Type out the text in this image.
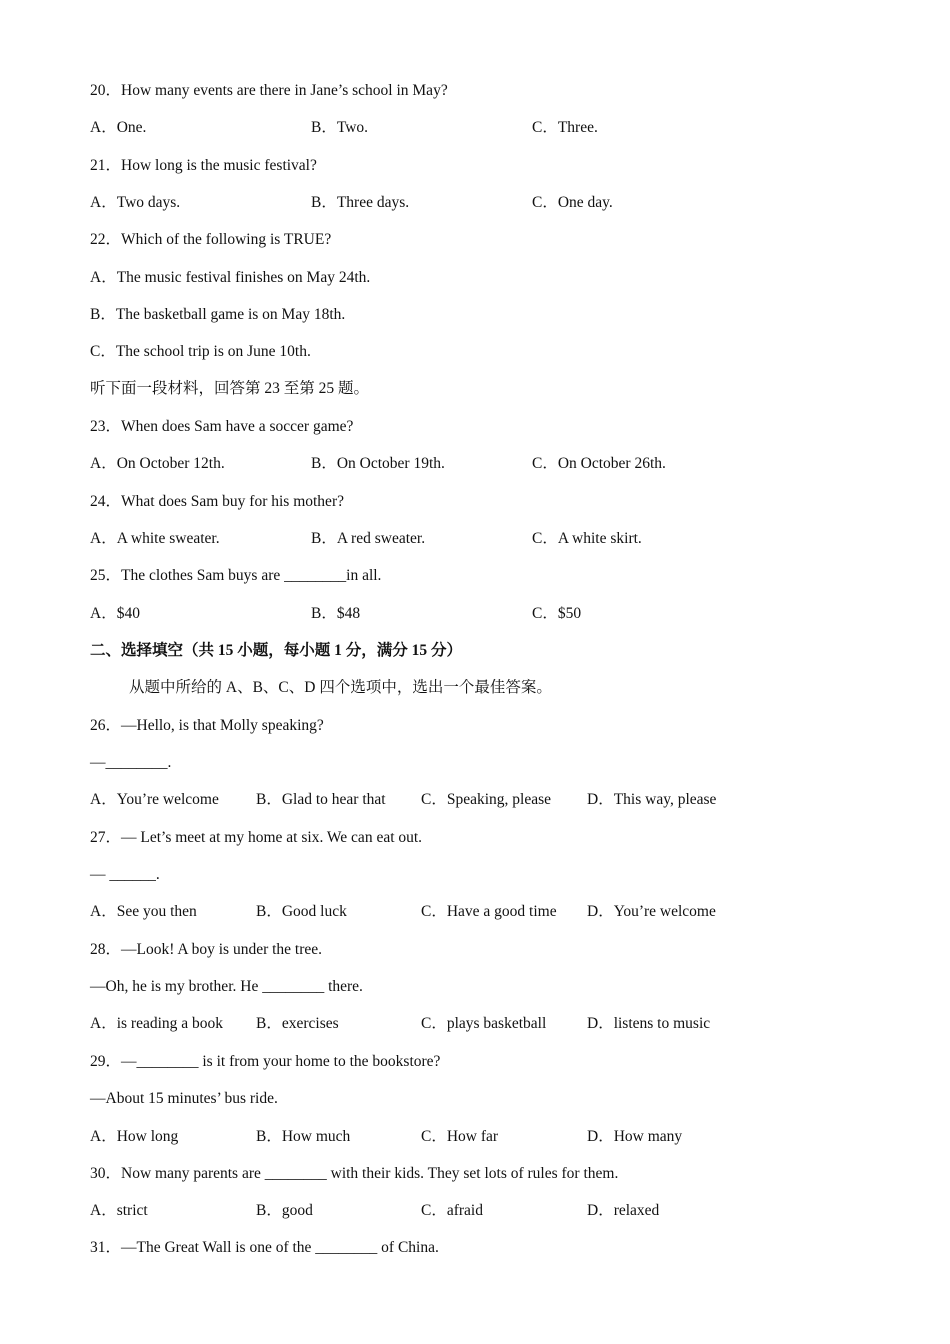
20．How many events are there in Jane’s school in May?
A．One.	B．Two.	C．Three.
21．How long is the music festival?
A．Two days.	B．Three days.	C．One day.
22．Which of the following is TRUE?
A．The music festival finishes on May 24th.
B．The basketball game is on May 18th.
C．The school trip is on June 10th.
听下面一段材料，回答第 23 至第 25 题。
23．When does Sam have a soccer game?
A．On October 12th.	B．On October 19th.	C．On October 26th.
24．What does Sam buy for his mother?
A．A white sweater.	B．A red sweater.	C．A white skirt.
25．The clothes Sam buys are ________in all.
A．$40	B．$48	C．$50
二、选择填空（共 15 小题，每小题 1 分，满分 15 分）
从题中所给的 A、B、C、D 四个选项中，选出一个最佳答案。
26．—Hello, is that Molly speaking?
—________.
A．You’re welcome B．Glad to hear that C．Speaking, please D．This way, please
27．— Let’s meet at my home at six. We can eat out.
— ______.
A．See you then	B．Good luck	C．Have a good time D．You’re welcome
28．—Look! A boy is under the tree.
—Oh, he is my brother. He ________ there.
A．is reading a book B．exercises	C．plays basketball	D．listens to music
29．—________ is it from your home to the bookstore?
—About 15 minutes’ bus ride.
A．How long	B．How much	C．How far	D．How many
30．Now many parents are ________ with their kids. They set lots of rules for them.
A．strict	B．good	C．afraid	D．relaxed
31．—The Great Wall is one of the ________ of China.
